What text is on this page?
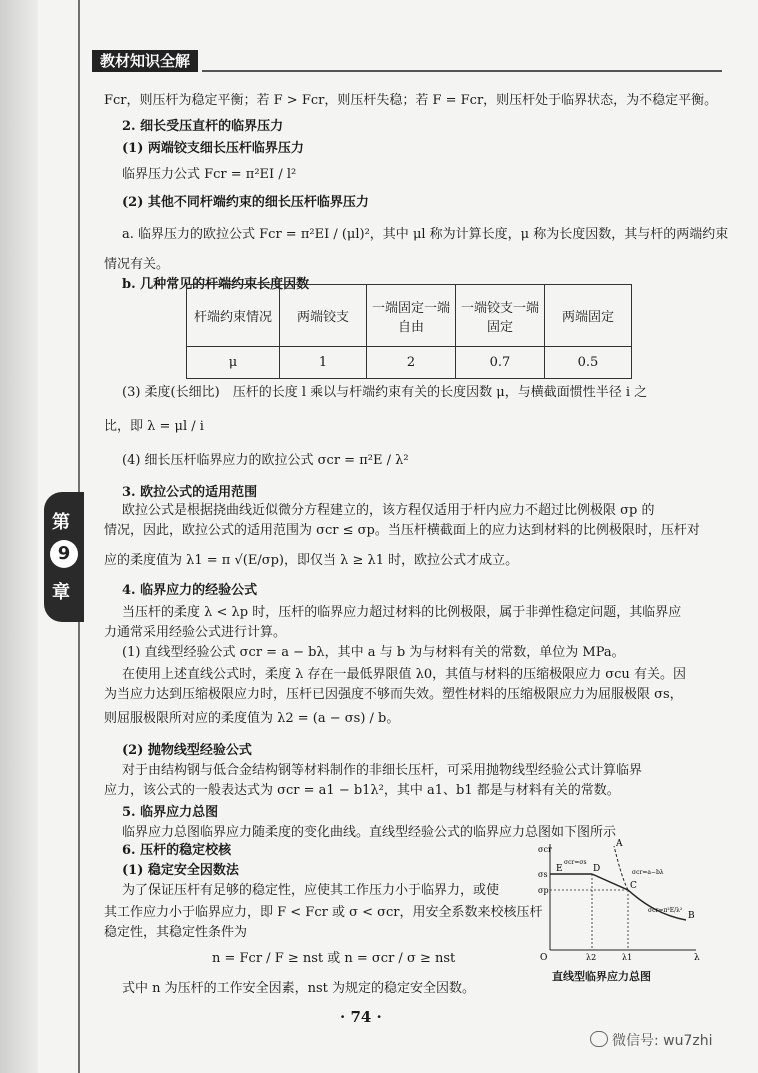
教材知识全解
第
9
章
Fcr，则压杆为稳定平衡；若 F > Fcr，则压杆失稳；若 F = Fcr，则压杆处于临界状态，为不稳定平衡。
2. 细长受压直杆的临界压力
(1) 两端铰支细长压杆临界压力
临界压力公式 Fcr = π²EI / l²
(2) 其他不同杆端约束的细长压杆临界压力
a. 临界压力的欧拉公式 Fcr = π²EI / (μl)²，其中 μl 称为计算长度，μ 称为长度因数，其与杆的两端约束
情况有关。
b. 几种常见的杆端约束长度因数
杆端约束情况	两端铰支	一端固定一端自由	一端铰支一端固定	两端固定
μ	1	2	0.7	0.5
(3) 柔度(长细比)　压杆的长度 l 乘以与杆端约束有关的长度因数 μ，与横截面惯性半径 i 之
比，即 λ = μl / i
(4) 细长压杆临界应力的欧拉公式 σcr = π²E / λ²
3. 欧拉公式的适用范围
欧拉公式是根据挠曲线近似微分方程建立的，该方程仅适用于杆内应力不超过比例极限 σp 的
情况，因此，欧拉公式的适用范围为 σcr ≤ σp。当压杆横截面上的应力达到材料的比例极限时，压杆对
应的柔度值为 λ1 = π √(E/σp)，即仅当 λ ≥ λ1 时，欧拉公式才成立。
4. 临界应力的经验公式
当压杆的柔度 λ < λp 时，压杆的临界应力超过材料的比例极限，属于非弹性稳定问题，其临界应
力通常采用经验公式进行计算。
(1) 直线型经验公式 σcr = a − bλ，其中 a 与 b 为与材料有关的常数，单位为 MPa。
在使用上述直线公式时，柔度 λ 存在一最低界限值 λ0，其值与材料的压缩极限应力 σcu 有关。因
为当应力达到压缩极限应力时，压杆已因强度不够而失效。塑性材料的压缩极限应力为屈服极限 σs，
则屈服极限所对应的柔度值为 λ2 = (a − σs) / b。
(2) 抛物线型经验公式
对于由结构钢与低合金结构钢等材料制作的非细长压杆，可采用抛物线型经验公式计算临界
应力，该公式的一般表达式为 σcr = a1 − b1λ²，其中 a1、b1 都是与材料有关的常数。
5. 临界应力总图
临界应力总图临界应力随柔度的变化曲线。直线型经验公式的临界应力总图如下图所示
6. 压杆的稳定校核
(1) 稳定安全因数法
为了保证压杆有足够的稳定性，应使其工作压力小于临界力，或使
其工作应力小于临界应力，即 F < Fcr 或 σ < σcr，用安全系数来校核压杆
稳定性，其稳定性条件为
n = Fcr / F ≥ nst 或 n = σcr / σ ≥ nst
式中 n 为压杆的工作安全因素，nst 为规定的稳定安全因数。
σcr
σs
σp
O	λ2	λ1	λ
E	D
C
A
B
σcr=σs
σcr=a−bλ
σcr=π²E/λ²
直线型临界应力总图
· 74 ·
微信号: wu7zhi
